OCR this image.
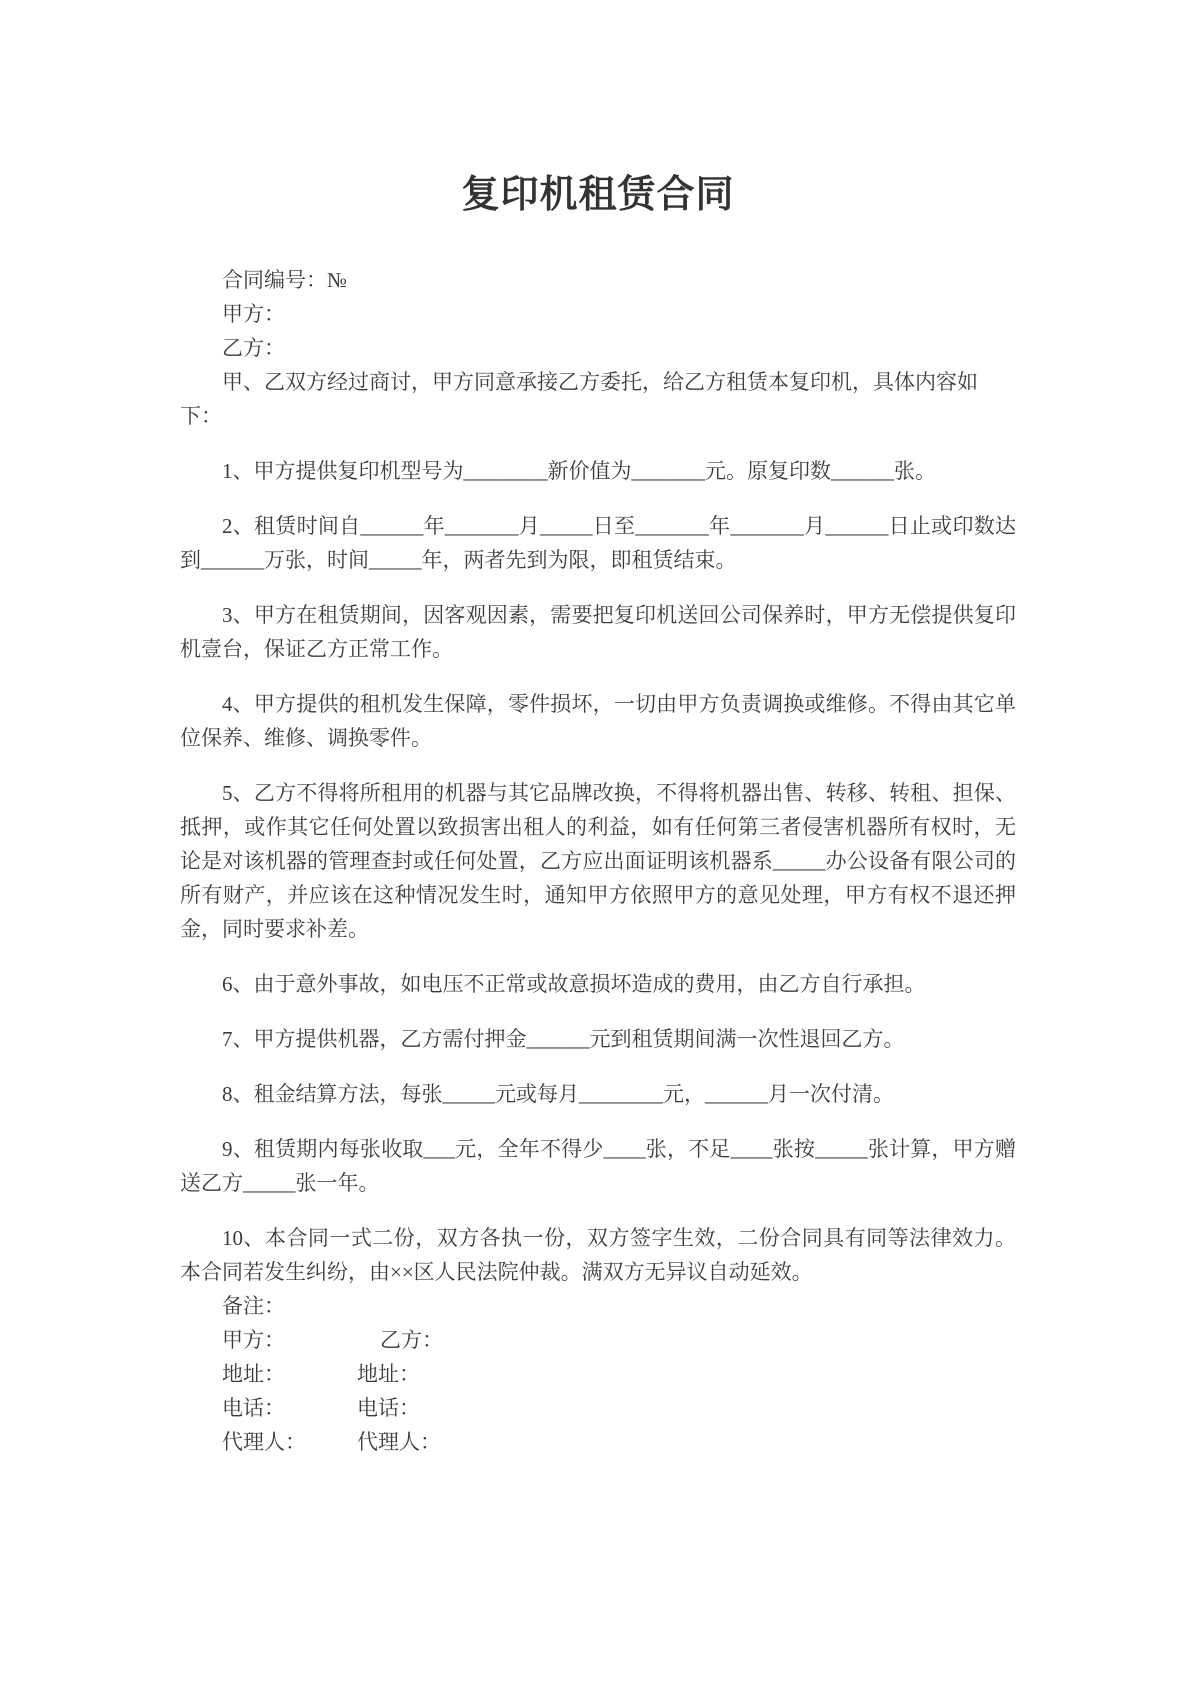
复印机租赁合同
合同编号：№
甲方：
乙方：
甲、乙双方经过商讨，甲方同意承接乙方委托，给乙方租赁本复印机，具体内容如下：

1、甲方提供复印机型号为________新价值为_______元。原复印数______张。

2、租赁时间自______年_______月_____日至_______年_______月______日止或印数达到______万张，时间_____年，两者先到为限，即租赁结束。

3、甲方在租赁期间，因客观因素，需要把复印机送回公司保养时，甲方无偿提供复印机壹台，保证乙方正常工作。

4、甲方提供的租机发生保障，零件损坏，一切由甲方负责调换或维修。不得由其它单位保养、维修、调换零件。

5、乙方不得将所租用的机器与其它品牌改换，不得将机器出售、转移、转租、担保、抵押，或作其它任何处置以致损害出租人的利益，如有任何第三者侵害机器所有权时，无论是对该机器的管理查封或任何处置，乙方应出面证明该机器系_____办公设备有限公司的所有财产，并应该在这种情况发生时，通知甲方依照甲方的意见处理，甲方有权不退还押金，同时要求补差。

6、由于意外事故，如电压不正常或故意损坏造成的费用，由乙方自行承担。

7、甲方提供机器，乙方需付押金______元到租赁期间满一次性退回乙方。

8、租金结算方法，每张_____元或每月________元，______月一次付清。

9、租赁期内每张收取___元，全年不得少____张，不足____张按_____张计算，甲方赠送乙方_____张一年。

10、本合同一式二份，双方各执一份，双方签字生效，二份合同具有同等法律效力。本合同若发生纠纷，由××区人民法院仲裁。满双方无异议自动延效。

备注：
甲方：	乙方：
地址：	地址：
电话：	电话：
代理人： 代理人：
